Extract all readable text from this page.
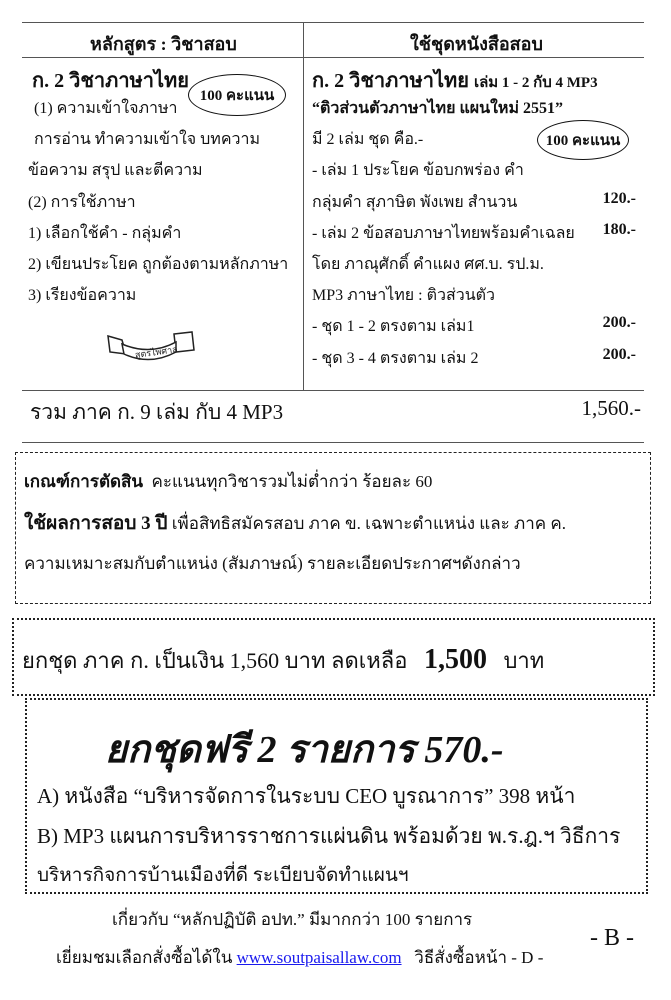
หลักสูตร : วิชาสอบ	ใช้ชุดหนังสือสอบ
ก. 2 วิชาภาษาไทย
100 คะแนน
(1) ความเข้าใจภาษา
การอ่าน ทำความเข้าใจ บทความ
ข้อความ สรุป และตีความ
(2) การใช้ภาษา
1) เลือกใช้คำ - กลุ่มคำ
2) เขียนประโยค ถูกต้องตามหลักภาษา
3) เรียงข้อความ
สูตรไพศาล
ก. 2 วิชาภาษาไทย เล่ม 1 - 2 กับ 4 MP3
“ติวส่วนตัวภาษาไทย แผนใหม่ 2551”
100 คะแนน
มี 2 เล่ม ชุด คือ.-
- เล่ม 1 ประโยค ข้อบกพร่อง คำ
กลุ่มคำ สุภาษิต พังเพย สำนวน	120.-
- เล่ม 2 ข้อสอบภาษาไทยพร้อมคำเฉลย 180.-
โดย ภาณุศักดิ์ คำแผง ศศ.บ. รป.ม.
MP3 ภาษาไทย : ติวส่วนตัว
- ชุด 1 - 2 ตรงตาม เล่ม1	200.-
- ชุด 3 - 4 ตรงตาม เล่ม 2	200.-
รวม ภาค ก. 9 เล่ม กับ 4 MP3	1,560.-
เกณฑ์การตัดสิน คะแนนทุกวิชารวมไม่ต่ำกว่า ร้อยละ 60
ใช้ผลการสอบ 3 ปี เพื่อสิทธิสมัครสอบ ภาค ข. เฉพาะตำแหน่ง และ ภาค ค.
ความเหมาะสมกับตำแหน่ง (สัมภาษณ์) รายละเอียดประกาศฯดังกล่าว
ยกชุด ภาค ก. เป็นเงิน 1,560 บาท ลดเหลือ 1,500 บาท
ยกชุดฟรี 2 รายการ 570.-
A) หนังสือ “บริหารจัดการในระบบ CEO บูรณาการ” 398 หน้า
B) MP3 แผนการบริหารราชการแผ่นดิน พร้อมด้วย พ.ร.ฎ.ฯ วิธีการ
บริหารกิจการบ้านเมืองที่ดี ระเบียบจัดทำแผนฯ
เกี่ยวกับ “หลักปฏิบัติ อปท.” มีมากกว่า 100 รายการ
เยี่ยมชมเลือกสั่งซื้อได้ใน www.soutpaisallaw.com วิธีสั่งซื้อหน้า - D -
- B -
